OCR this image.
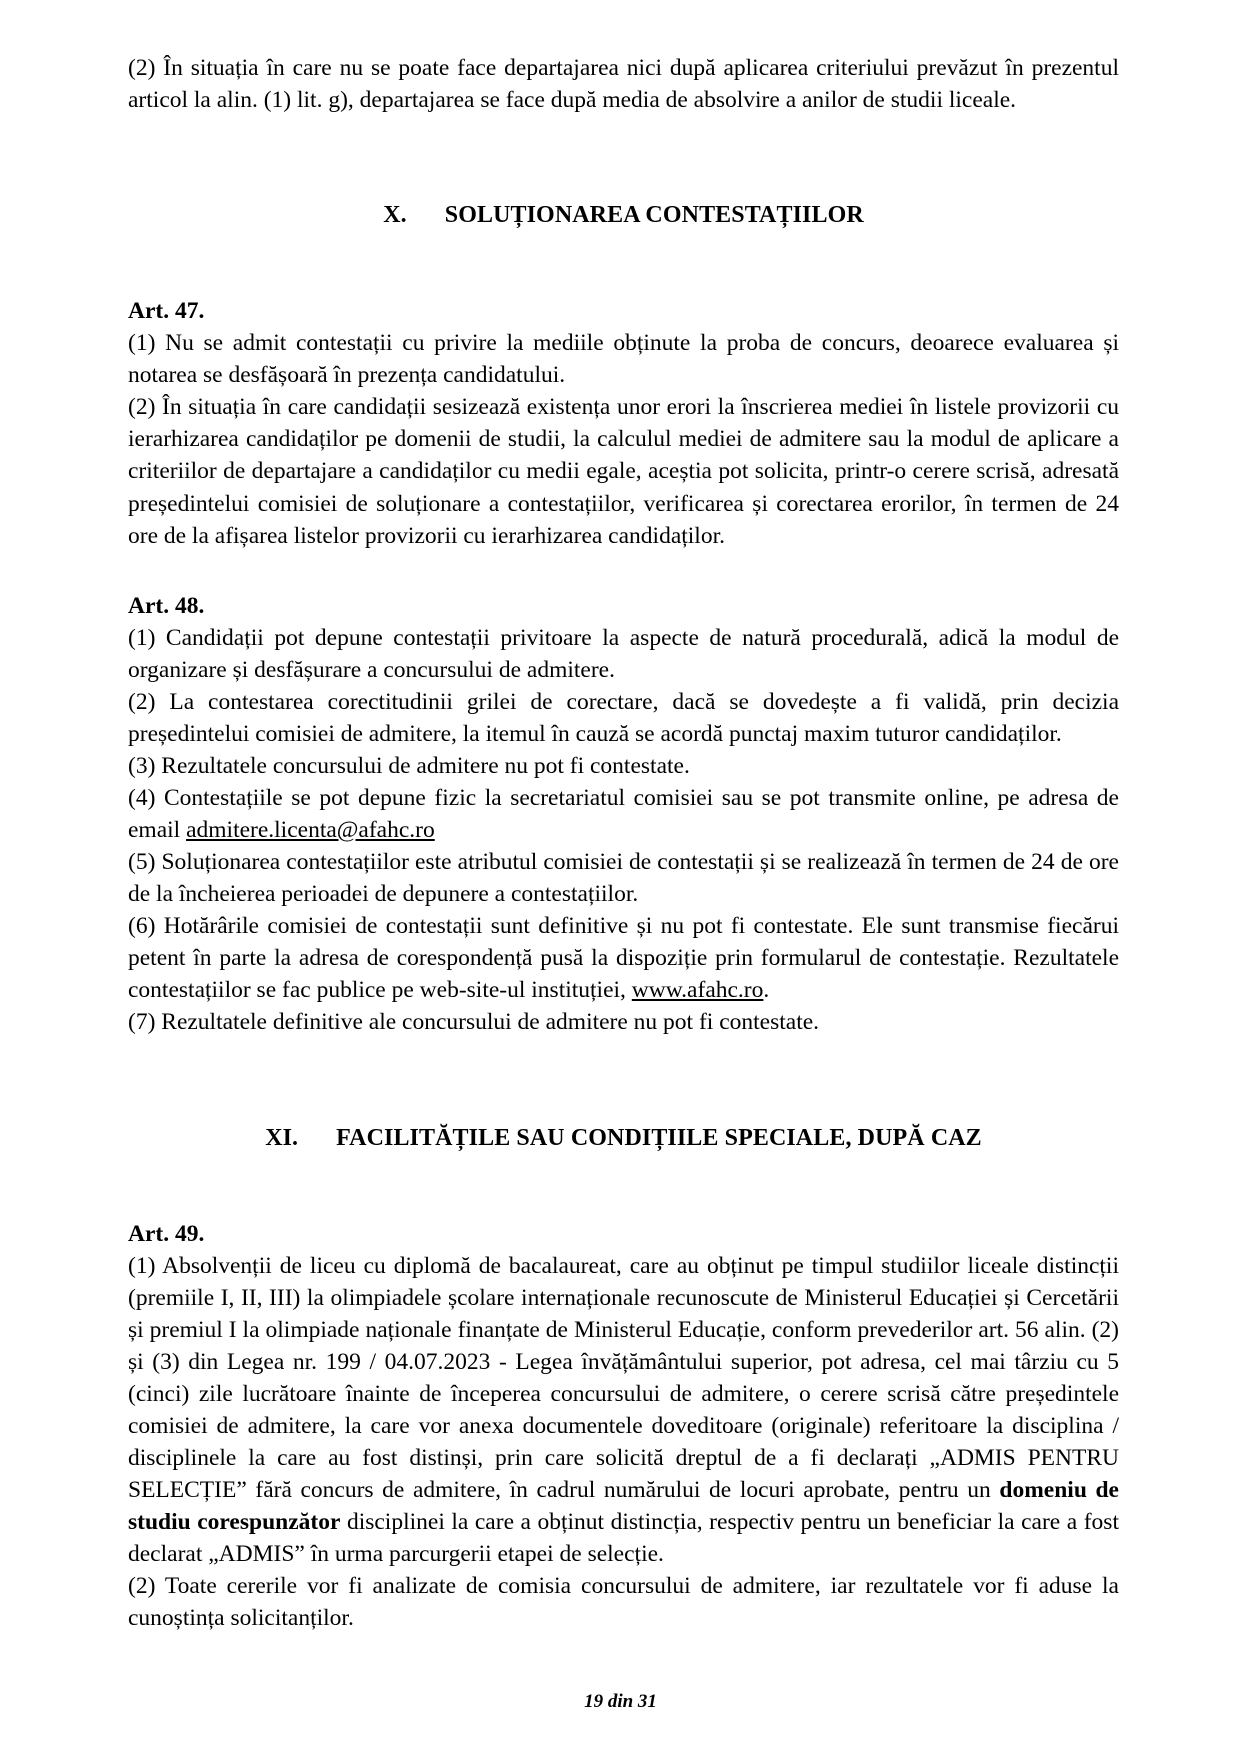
(2) În situația în care nu se poate face departajarea nici după aplicarea criteriului prevăzut în prezentul articol la alin. (1) lit. g), departajarea se face după media de absolvire a anilor de studii liceale.

X. SOLUȚIONAREA CONTESTAȚIILOR

Art. 47.

(1) Nu se admit contestații cu privire la mediile obținute la proba de concurs, deoarece evaluarea și notarea se desfășoară în prezența candidatului.

(2) În situația în care candidații sesizează existența unor erori la înscrierea mediei în listele provizorii cu ierarhizarea candidaților pe domenii de studii, la calculul mediei de admitere sau la modul de aplicare a criteriilor de departajare a candidaților cu medii egale, aceștia pot solicita, printr-o cerere scrisă, adresată președintelui comisiei de soluționare a contestațiilor, verificarea și corectarea erorilor, în termen de 24 ore de la afișarea listelor provizorii cu ierarhizarea candidaților.

Art. 48.

(1) Candidații pot depune contestații privitoare la aspecte de natură procedurală, adică la modul de organizare și desfășurare a concursului de admitere.

(2) La contestarea corectitudinii grilei de corectare, dacă se dovedește a fi validă, prin decizia președintelui comisiei de admitere, la itemul în cauză se acordă punctaj maxim tuturor candidaților.

(3) Rezultatele concursului de admitere nu pot fi contestate.

(4) Contestațiile se pot depune fizic la secretariatul comisiei sau se pot transmite online, pe adresa de email admitere.licenta@afahc.ro

(5) Soluționarea contestațiilor este atributul comisiei de contestații și se realizează în termen de 24 de ore de la încheierea perioadei de depunere a contestațiilor.

(6) Hotărârile comisiei de contestații sunt definitive și nu pot fi contestate. Ele sunt transmise fiecărui petent în parte la adresa de corespondență pusă la dispoziție prin formularul de contestație. Rezultatele contestațiilor se fac publice pe web-site-ul instituției, www.afahc.ro.

(7) Rezultatele definitive ale concursului de admitere nu pot fi contestate.

XI. FACILITĂȚILE SAU CONDIȚIILE SPECIALE, DUPĂ CAZ

Art. 49.

(1) Absolvenții de liceu cu diplomă de bacalaureat, care au obținut pe timpul studiilor liceale distincții (premiile I, II, III) la olimpiadele școlare internaționale recunoscute de Ministerul Educației și Cercetării și premiul I la olimpiade naționale finanțate de Ministerul Educație, conform prevederilor art. 56 alin. (2) și (3) din Legea nr. 199 / 04.07.2023 - Legea învățământului superior, pot adresa, cel mai târziu cu 5 (cinci) zile lucrătoare înainte de începerea concursului de admitere, o cerere scrisă către președintele comisiei de admitere, la care vor anexa documentele doveditoare (originale) referitoare la disciplina / disciplinele la care au fost distinși, prin care solicită dreptul de a fi declarați „ADMIS PENTRU SELECȚIE” fără concurs de admitere, în cadrul numărului de locuri aprobate, pentru un domeniu de studiu corespunzător disciplinei la care a obținut distincția, respectiv pentru un beneficiar la care a fost declarat „ADMIS” în urma parcurgerii etapei de selecție.

(2) Toate cererile vor fi analizate de comisia concursului de admitere, iar rezultatele vor fi aduse la cunoștința solicitanților.

19 din 31
